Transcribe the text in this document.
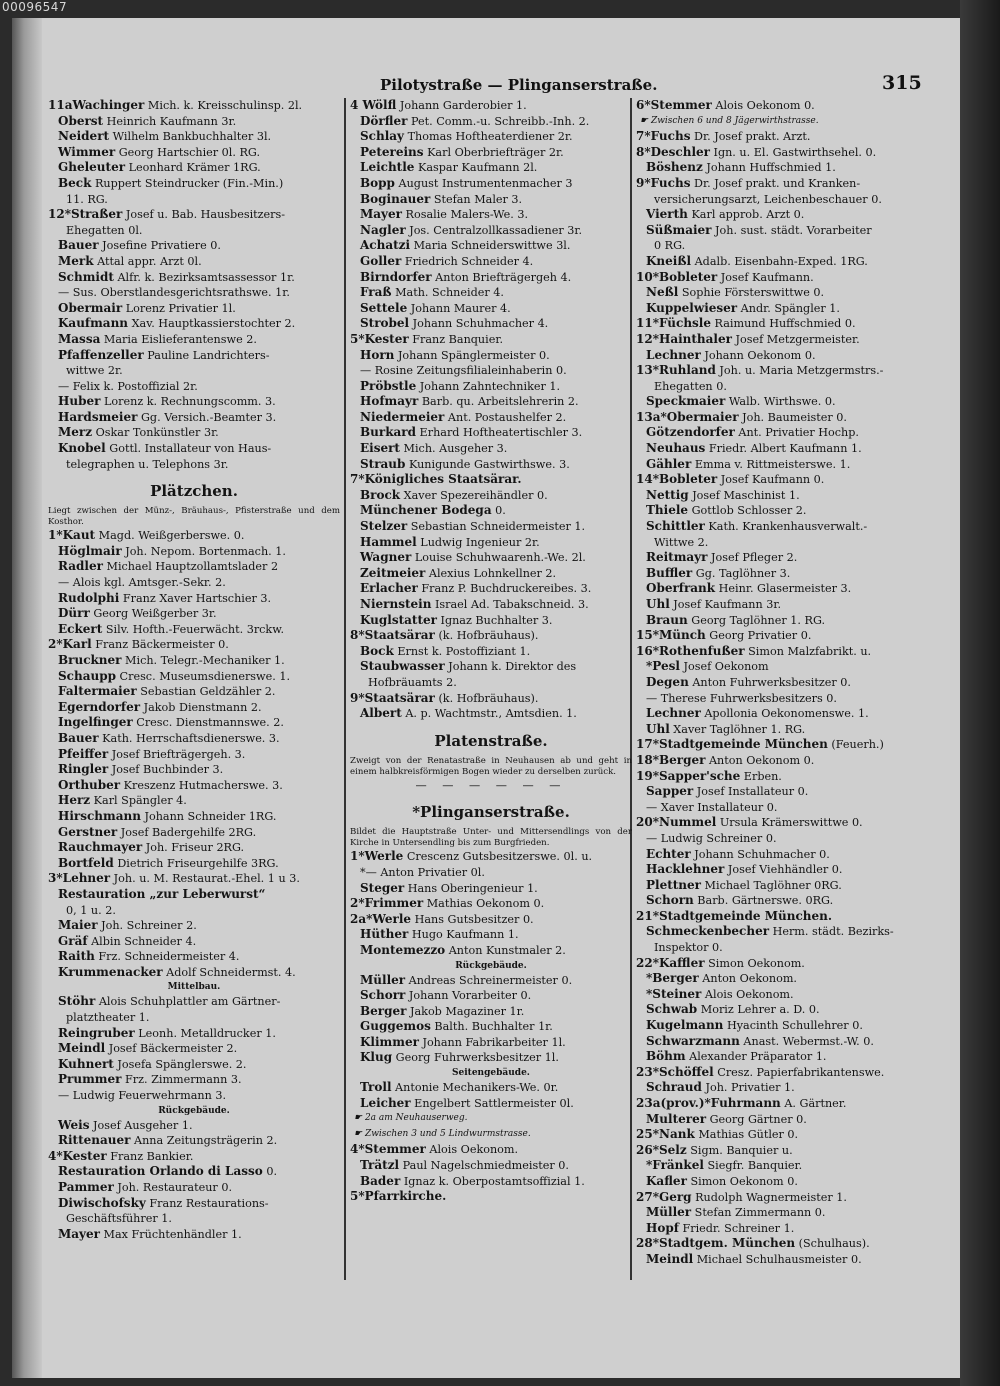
00096547
Pilotystraße — Plinganserstraße.	315
11aWachinger Mich. k. Kreisschulinsp. 2l.
Oberst Heinrich Kaufmann 3r.
Neidert Wilhelm Bankbuchhalter 3l.
Wimmer Georg Hartschier 0l. RG.
Gheleuter Leonhard Krämer 1RG.
Beck Ruppert Steindrucker (Fin.-Min.)
11. RG.
12*Straßer Josef u. Bab. Hausbesitzers-
Ehegatten 0l.
Bauer Josefine Privatiere 0.
Merk Attal appr. Arzt 0l.
Schmidt Alfr. k. Bezirksamtsassessor 1r.
— Sus. Oberstlandesgerichtsrathswe. 1r.
Obermair Lorenz Privatier 1l.
Kaufmann Xav. Hauptkassierstochter 2.
Massa Maria Eislieferantenswe 2.
Pfaffenzeller Pauline Landrichters-
wittwe 2r.
— Felix k. Postoffizial 2r.
Huber Lorenz k. Rechnungscomm. 3.
Hardsmeier Gg. Versich.-Beamter 3.
Merz Oskar Tonkünstler 3r.
Knobel Gottl. Installateur von Haus-
telegraphen u. Telephons 3r.
Plätzchen.
Liegt zwischen der Münz-, Bräuhaus-, Pfisterstraße und dem Kosthor.
1*Kaut Magd. Weißgerberswe. 0.
Höglmair Joh. Nepom. Bortenmach. 1.
Radler Michael Hauptzollamtslader 2
— Alois kgl. Amtsger.-Sekr. 2.
Rudolphi Franz Xaver Hartschier 3.
Dürr Georg Weißgerber 3r.
Eckert Silv. Hofth.-Feuerwächt. 3rckw.
2*Karl Franz Bäckermeister 0.
Bruckner Mich. Telegr.-Mechaniker 1.
Schaupp Cresc. Museumsdienerswe. 1.
Faltermaier Sebastian Geldzähler 2.
Egerndorfer Jakob Dienstmann 2.
Ingelfinger Cresc. Dienstmannswe. 2.
Bauer Kath. Herrschaftsdienerswe. 3.
Pfeiffer Josef Briefträgergeh. 3.
Ringler Josef Buchbinder 3.
Orthuber Kreszenz Hutmacherswe. 3.
Herz Karl Spängler 4.
Hirschmann Johann Schneider 1RG.
Gerstner Josef Badergehilfe 2RG.
Rauchmayer Joh. Friseur 2RG.
Bortfeld Dietrich Friseurgehilfe 3RG.
3*Lehner Joh. u. M. Restaurat.-Ehel. 1 u 3.
Restauration „zur Leberwurst“
0, 1 u. 2.
Maier Joh. Schreiner 2.
Gräf Albin Schneider 4.
Raith Frz. Schneidermeister 4.
Krummenacker Adolf Schneidermst. 4.
Mittelbau.
Stöhr Alois Schuhplattler am Gärtner-
platztheater 1.
Reingruber Leonh. Metalldrucker 1.
Meindl Josef Bäckermeister 2.
Kuhnert Josefa Spänglerswe. 2.
Prummer Frz. Zimmermann 3.
— Ludwig Feuerwehrmann 3.
Rückgebäude.
Weis Josef Ausgeher 1.
Rittenauer Anna Zeitungsträgerin 2.
4*Kester Franz Bankier.
Restauration Orlando di Lasso 0.
Pammer Joh. Restaurateur 0.
Diwischofsky Franz Restaurations-
Geschäftsführer 1.
Mayer Max Früchtenhändler 1.
4 Wölfl Johann Garderobier 1.
Dörfler Pet. Comm.-u. Schreibb.-Inh. 2.
Schlay Thomas Hoftheaterdiener 2r.
Petereins Karl Oberbriefträger 2r.
Leichtle Kaspar Kaufmann 2l.
Bopp August Instrumentenmacher 3
Boginauer Stefan Maler 3.
Mayer Rosalie Malers-We. 3.
Nagler Jos. Centralzollkassadiener 3r.
Achatzi Maria Schneiderswittwe 3l.
Goller Friedrich Schneider 4.
Birndorfer Anton Briefträgergeh 4.
Fraß Math. Schneider 4.
Settele Johann Maurer 4.
Strobel Johann Schuhmacher 4.
5*Kester Franz Banquier.
Horn Johann Spänglermeister 0.
— Rosine Zeitungsfilialeinhaberin 0.
Pröbstle Johann Zahntechniker 1.
Hofmayr Barb. qu. Arbeitslehrerin 2.
Niedermeier Ant. Postaushelfer 2.
Burkard Erhard Hoftheatertischler 3.
Eisert Mich. Ausgeher 3.
Straub Kunigunde Gastwirthswe. 3.
7*Königliches Staatsärar.
Brock Xaver Spezereihändler 0.
Münchener Bodega 0.
Stelzer Sebastian Schneidermeister 1.
Hammel Ludwig Ingenieur 2r.
Wagner Louise Schuhwaarenh.-We. 2l.
Zeitmeier Alexius Lohnkellner 2.
Erlacher Franz P. Buchdruckereibes. 3.
Niernstein Israel Ad. Tabakschneid. 3.
Kuglstatter Ignaz Buchhalter 3.
8*Staatsärar (k. Hofbräuhaus).
Bock Ernst k. Postoffiziant 1.
Staubwasser Johann k. Direktor des
Hofbräuamts 2.
9*Staatsärar (k. Hofbräuhaus).
Albert A. p. Wachtmstr., Amtsdien. 1.
Platenstraße.
Zweigt von der Renatastraße in Neuhausen ab und geht in einem halbkreisförmigen Bogen wieder zu derselben zurück.
— — — — — —
*Plinganserstraße.
Bildet die Hauptstraße Unter- und Mittersendlings von der Kirche in Untersendling bis zum Burgfrieden.
1*Werle Crescenz Gutsbesitzerswe. 0l. u.
*— Anton Privatier 0l.
Steger Hans Oberingenieur 1.
2*Frimmer Mathias Oekonom 0.
2a*Werle Hans Gutsbesitzer 0.
Hüther Hugo Kaufmann 1.
Montemezzo Anton Kunstmaler 2.
Rückgebäude.
Müller Andreas Schreinermeister 0.
Schorr Johann Vorarbeiter 0.
Berger Jakob Magaziner 1r.
Guggemos Balth. Buchhalter 1r.
Klimmer Johann Fabrikarbeiter 1l.
Klug Georg Fuhrwerksbesitzer 1l.
Seitengebäude.
Troll Antonie Mechanikers-We. 0r.
Leicher Engelbert Sattlermeister 0l.
☛ 2a am Neuhauserweg.
☛ Zwischen 3 und 5 Lindwurmstrasse.
4*Stemmer Alois Oekonom.
Trätzl Paul Nagelschmiedmeister 0.
Bader Ignaz k. Oberpostamtsoffizial 1.
5*Pfarrkirche.
6*Stemmer Alois Oekonom 0.
☛ Zwischen 6 und 8 Jägerwirthstrasse.
7*Fuchs Dr. Josef prakt. Arzt.
8*Deschler Ign. u. El. Gastwirthsehel. 0.
Böshenz Johann Huffschmied 1.
9*Fuchs Dr. Josef prakt. und Kranken-
versicherungsarzt, Leichenbeschauer 0.
Vierth Karl approb. Arzt 0.
Süßmaier Joh. sust. städt. Vorarbeiter
0 RG.
Kneißl Adalb. Eisenbahn-Exped. 1RG.
10*Bobleter Josef Kaufmann.
Neßl Sophie Försterswittwe 0.
Kuppelwieser Andr. Spängler 1.
11*Füchsle Raimund Huffschmied 0.
12*Hainthaler Josef Metzgermeister.
Lechner Johann Oekonom 0.
13*Ruhland Joh. u. Maria Metzgermstrs.-
Ehegatten 0.
Speckmaier Walb. Wirthswe. 0.
13a*Obermaier Joh. Baumeister 0.
Götzendorfer Ant. Privatier Hochp.
Neuhaus Friedr. Albert Kaufmann 1.
Gähler Emma v. Rittmeisterswe. 1.
14*Bobleter Josef Kaufmann 0.
Nettig Josef Maschinist 1.
Thiele Gottlob Schlosser 2.
Schittler Kath. Krankenhausverwalt.-
Wittwe 2.
Reitmayr Josef Pfleger 2.
Buffler Gg. Taglöhner 3.
Oberfrank Heinr. Glasermeister 3.
Uhl Josef Kaufmann 3r.
Braun Georg Taglöhner 1. RG.
15*Münch Georg Privatier 0.
16*Rothenfußer Simon Malzfabrikt. u.
*Pesl Josef Oekonom
Degen Anton Fuhrwerksbesitzer 0.
— Therese Fuhrwerksbesitzers 0.
Lechner Apollonia Oekonomenswe. 1.
Uhl Xaver Taglöhner 1. RG.
17*Stadtgemeinde München (Feuerh.)
18*Berger Anton Oekonom 0.
19*Sapper'sche Erben.
Sapper Josef Installateur 0.
— Xaver Installateur 0.
20*Nummel Ursula Krämerswittwe 0.
— Ludwig Schreiner 0.
Echter Johann Schuhmacher 0.
Hacklehner Josef Viehhändler 0.
Plettner Michael Taglöhner 0RG.
Schorn Barb. Gärtnerswe. 0RG.
21*Stadtgemeinde München.
Schmeckenbecher Herm. städt. Bezirks-
Inspektor 0.
22*Kaffler Simon Oekonom.
*Berger Anton Oekonom.
*Steiner Alois Oekonom.
Schwab Moriz Lehrer a. D. 0.
Kugelmann Hyacinth Schullehrer 0.
Schwarzmann Anast. Webermst.-W. 0.
Böhm Alexander Präparator 1.
23*Schöffel Cresz. Papierfabrikantenswe.
Schraud Joh. Privatier 1.
23a(prov.)*Fuhrmann A. Gärtner.
Multerer Georg Gärtner 0.
25*Nank Mathias Gütler 0.
26*Selz Sigm. Banquier u.
*Fränkel Siegfr. Banquier.
Kafler Simon Oekonom 0.
27*Gerg Rudolph Wagnermeister 1.
Müller Stefan Zimmermann 0.
Hopf Friedr. Schreiner 1.
28*Stadtgem. München (Schulhaus).
Meindl Michael Schulhausmeister 0.
